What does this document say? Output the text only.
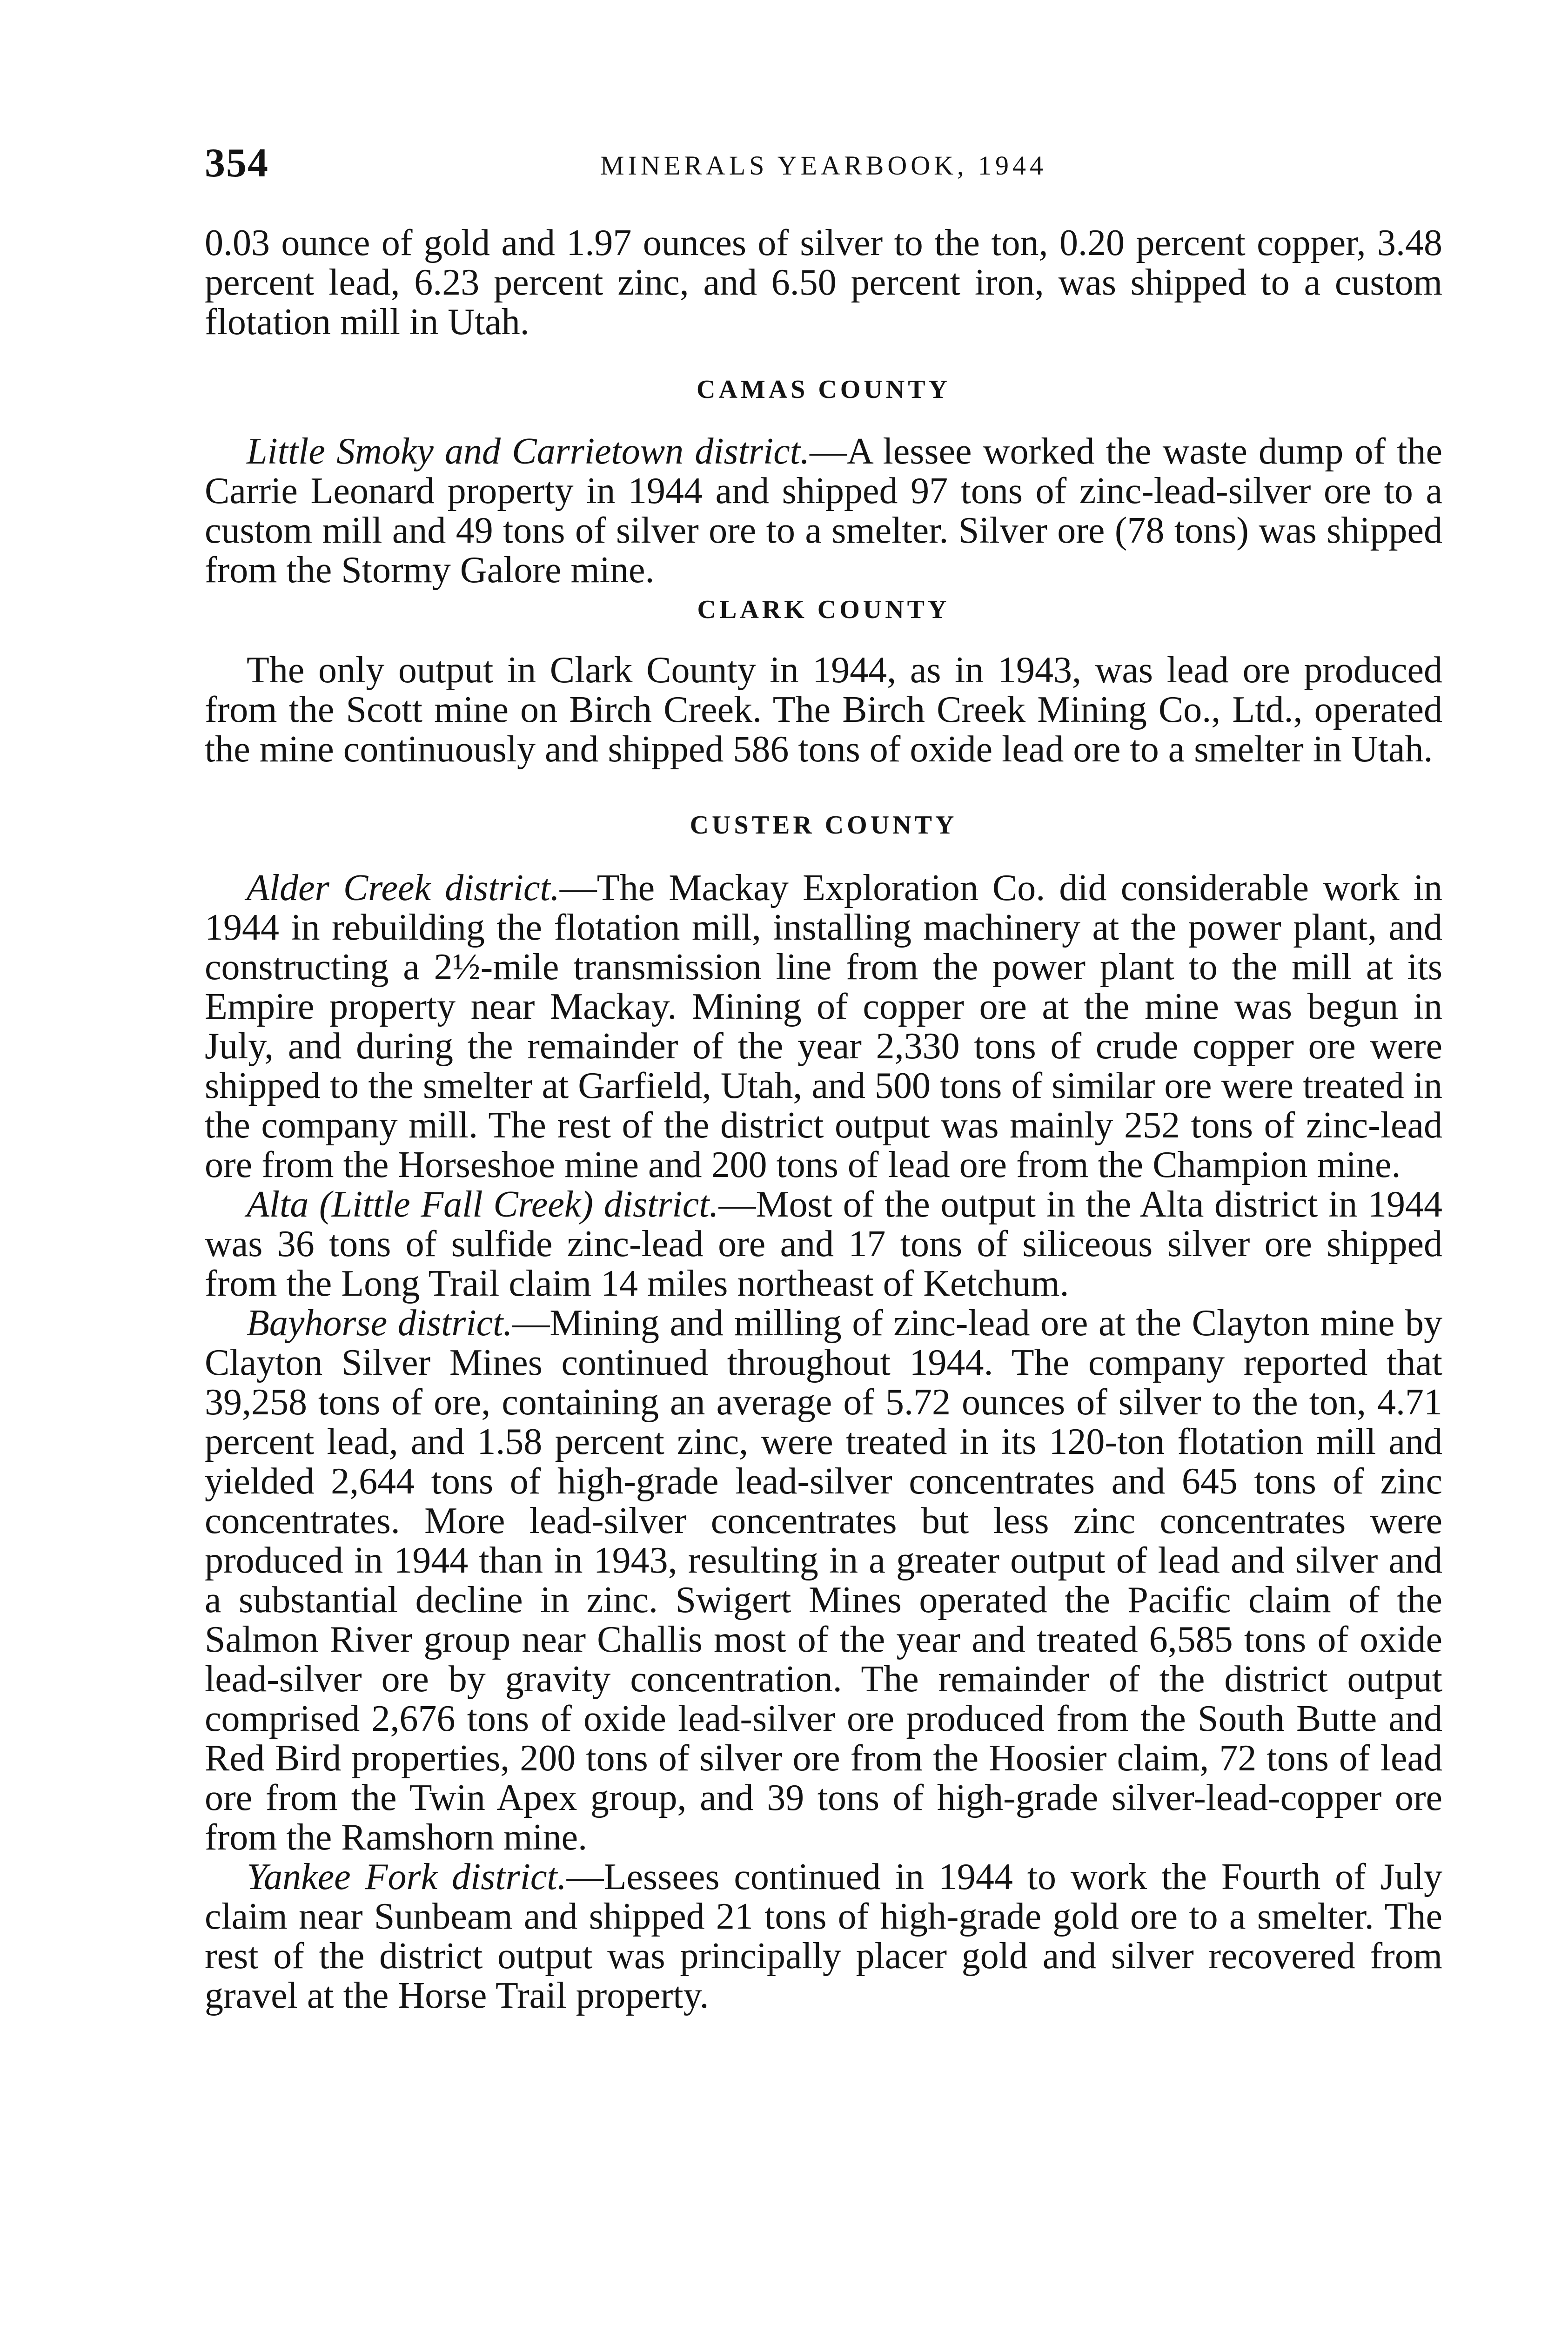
354	MINERALS YEARBOOK, 1944

0.03 ounce of gold and 1.97 ounces of silver to the ton, 0.20 percent copper, 3.48 percent lead, 6.23 percent zinc, and 6.50 percent iron, was shipped to a custom flotation mill in Utah.

CAMAS COUNTY

Little Smoky and Carrietown district.—A lessee worked the waste dump of the Carrie Leonard property in 1944 and shipped 97 tons of zinc-lead-silver ore to a custom mill and 49 tons of silver ore to a smelter. Silver ore (78 tons) was shipped from the Stormy Galore mine.

CLARK COUNTY

The only output in Clark County in 1944, as in 1943, was lead ore produced from the Scott mine on Birch Creek. The Birch Creek Mining Co., Ltd., operated the mine continuously and shipped 586 tons of oxide lead ore to a smelter in Utah.

CUSTER COUNTY

Alder Creek district.—The Mackay Exploration Co. did considerable work in 1944 in rebuilding the flotation mill, installing machinery at the power plant, and constructing a 2½-mile transmission line from the power plant to the mill at its Empire property near Mackay. Mining of copper ore at the mine was begun in July, and during the remainder of the year 2,330 tons of crude copper ore were shipped to the smelter at Garfield, Utah, and 500 tons of similar ore were treated in the company mill. The rest of the district output was mainly 252 tons of zinc-lead ore from the Horseshoe mine and 200 tons of lead ore from the Champion mine.

Alta (Little Fall Creek) district.—Most of the output in the Alta district in 1944 was 36 tons of sulfide zinc-lead ore and 17 tons of siliceous silver ore shipped from the Long Trail claim 14 miles northeast of Ketchum.

Bayhorse district.—Mining and milling of zinc-lead ore at the Clayton mine by Clayton Silver Mines continued throughout 1944. The company reported that 39,258 tons of ore, containing an average of 5.72 ounces of silver to the ton, 4.71 percent lead, and 1.58 percent zinc, were treated in its 120-ton flotation mill and yielded 2,644 tons of high-grade lead-silver concentrates and 645 tons of zinc concentrates. More lead-silver concentrates but less zinc concentrates were produced in 1944 than in 1943, resulting in a greater output of lead and silver and a substantial decline in zinc. Swigert Mines operated the Pacific claim of the Salmon River group near Challis most of the year and treated 6,585 tons of oxide lead-silver ore by gravity concentration. The remainder of the district output comprised 2,676 tons of oxide lead-silver ore produced from the South Butte and Red Bird properties, 200 tons of silver ore from the Hoosier claim, 72 tons of lead ore from the Twin Apex group, and 39 tons of high-grade silver-lead-copper ore from the Ramshorn mine.

Yankee Fork district.—Lessees continued in 1944 to work the Fourth of July claim near Sunbeam and shipped 21 tons of high-grade gold ore to a smelter. The rest of the district output was principally placer gold and silver recovered from gravel at the Horse Trail property.
